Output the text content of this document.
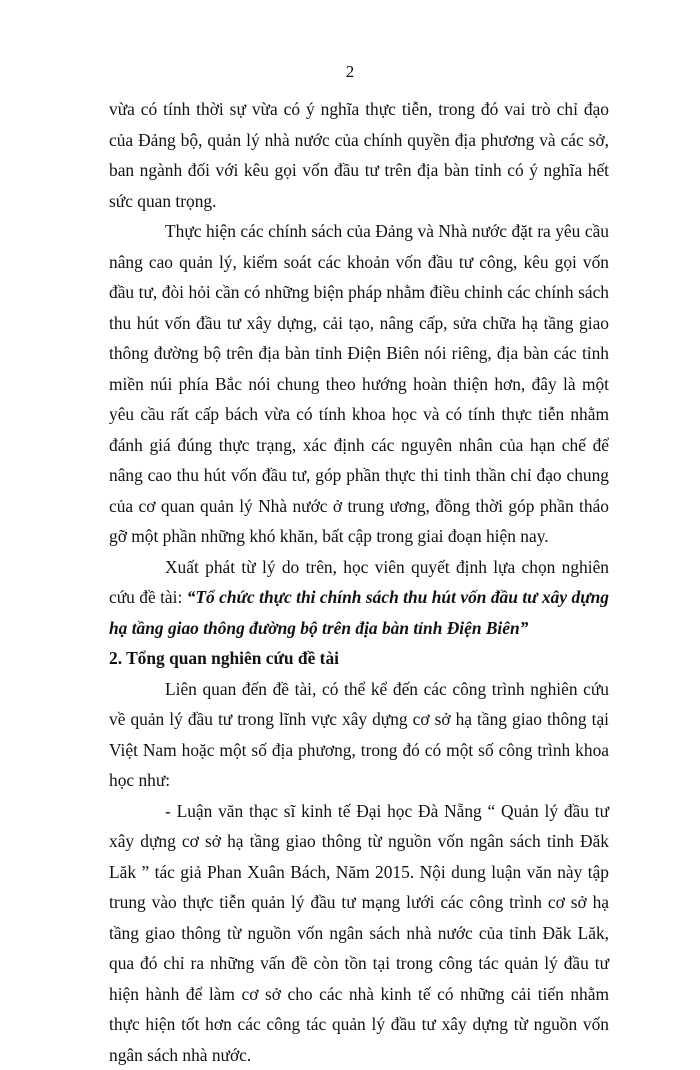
2

vừa có tính thời sự vừa có ý nghĩa thực tiễn, trong đó vai trò chỉ đạo của Đảng bộ, quản lý nhà nước của chính quyền địa phương và các sở, ban ngành đối với kêu gọi vốn đầu tư trên địa bàn tỉnh có ý nghĩa hết sức quan trọng.

Thực hiện các chính sách của Đảng và Nhà nước đặt ra yêu cầu nâng cao quản lý, kiểm soát các khoản vốn đầu tư công, kêu gọi vốn đầu tư, đòi hỏi cần có những biện pháp nhằm điều chỉnh các chính sách thu hút vốn đầu tư xây dựng, cải tạo, nâng cấp, sửa chữa hạ tầng giao thông đường bộ trên địa bàn tỉnh Điện Biên nói riêng, địa bàn các tỉnh miền núi phía Bắc nói chung theo hướng hoàn thiện hơn, đây là một yêu cầu rất cấp bách vừa có tính khoa học và có tính thực tiễn nhằm đánh giá đúng thực trạng, xác định các nguyên nhân của hạn chế để nâng cao thu hút vốn đầu tư, góp phần thực thi tinh thần chỉ đạo chung của cơ quan quản lý Nhà nước ở trung ương, đồng thời góp phần tháo gỡ một phần những khó khăn, bất cập trong giai đoạn hiện nay.

Xuất phát từ lý do trên, học viên quyết định lựa chọn nghiên cứu đề tài: “Tổ chức thực thi chính sách thu hút vốn đầu tư xây dựng hạ tầng giao thông đường bộ trên địa bàn tỉnh Điện Biên”

2. Tổng quan nghiên cứu đề tài

Liên quan đến đề tài, có thể kể đến các công trình nghiên cứu về quản lý đầu tư trong lĩnh vực xây dựng cơ sở hạ tầng giao thông tại Việt Nam hoặc một số địa phương, trong đó có một số công trình khoa học như:

- Luận văn thạc sĩ kinh tế Đại học Đà Nẵng “ Quản lý đầu tư xây dựng cơ sở hạ tầng giao thông từ nguồn vốn ngân sách tỉnh Đăk Lăk ” tác giả Phan Xuân Bách, Năm 2015. Nội dung luận văn này tập trung vào thực tiễn quản lý đầu tư mạng lưới các công trình cơ sở hạ tầng giao thông từ nguồn vốn ngân sách nhà nước của tỉnh Đăk Lăk, qua đó chỉ ra những vấn đề còn tồn tại trong công tác quản lý đầu tư hiện hành để làm cơ sở cho các nhà kinh tế có những cải tiến nhằm thực hiện tốt hơn các công tác quản lý đầu tư xây dựng từ nguồn vốn ngân sách nhà nước.
